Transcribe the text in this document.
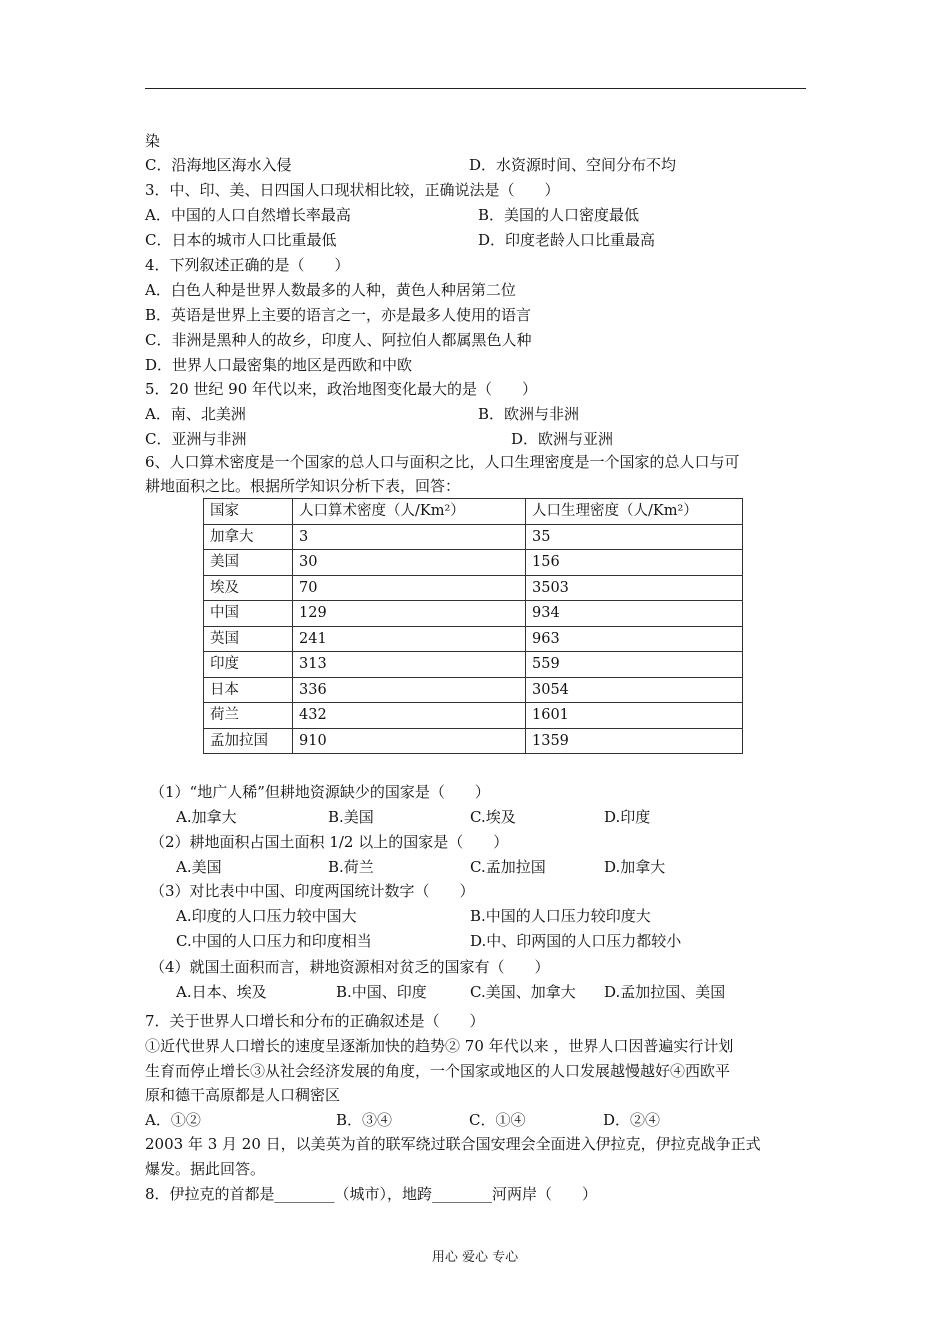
染
C．沿海地区海水入侵	D．水资源时间、空间分布不均
3．中、印、美、日四国人口现状相比较，正确说法是（　　）
A．中国的人口自然增长率最高	B．美国的人口密度最低
C．日本的城市人口比重最低	D．印度老龄人口比重最高
4．下列叙述正确的是（　　）
A．白色人种是世界人数最多的人种，黄色人种居第二位
B．英语是世界上主要的语言之一，亦是最多人使用的语言
C．非洲是黑种人的故乡，印度人、阿拉伯人都属黑色人种
D．世界人口最密集的地区是西欧和中欧
5．20 世纪 90 年代以来，政治地图变化最大的是（　　）
A．南、北美洲	B．欧洲与非洲
C．亚洲与非洲	D．欧洲与亚洲
6、人口算术密度是一个国家的总人口与面积之比，人口生理密度是一个国家的总人口与可
耕地面积之比。根据所学知识分析下表，回答：
国家	人口算术密度（人/Km²）	人口生理密度（人/Km²）
加拿大	3	35
美国	30	156
埃及	70	3503
中国	129	934
英国	241	963
印度	313	559
日本	336	3054
荷兰	432	1601
孟加拉国	910	1359
（1）“地广人稀”但耕地资源缺少的国家是（　　）
A.加拿大	B.美国	C.埃及	D.印度
（2）耕地面积占国土面积 1/2 以上的国家是（　　）
A.美国	B.荷兰	C.孟加拉国	D.加拿大
（3）对比表中中国、印度两国统计数字（　　）
A.印度的人口压力较中国大	B.中国的人口压力较印度大
C.中国的人口压力和印度相当	D.中、印两国的人口压力都较小
（4）就国土面积而言，耕地资源相对贫乏的国家有（　　）
A.日本、埃及	B.中国、印度	C.美国、加拿大 D.孟加拉国、美国
7．关于世界人口增长和分布的正确叙述是（　　）
①近代世界人口增长的速度呈逐渐加快的趋势② 70 年代以来 ，世界人口因普遍实行计划
生育而停止增长③从社会经济发展的角度，一个国家或地区的人口发展越慢越好④西欧平
原和德干高原都是人口稠密区
A．①②	B．③④	C．①④	D．②④
2003 年 3 月 20 日，以美英为首的联军绕过联合国安理会全面进入伊拉克，伊拉克战争正式
爆发。据此回答。
8．伊拉克的首都是________（城市），地跨________河两岸（　　）
用心 爱心 专心
